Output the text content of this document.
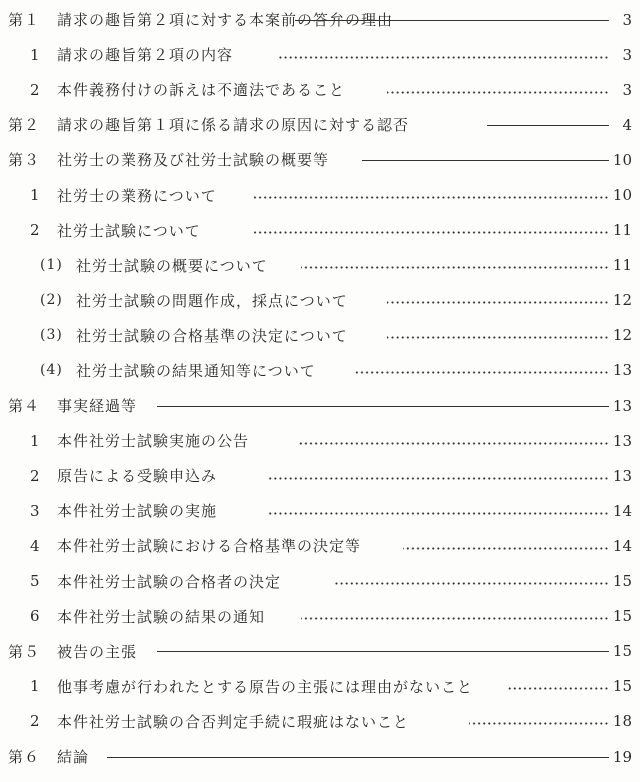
第１ 請求の趣旨第２項に対する本案前の答弁の理由	3
1 請求の趣旨第２項の内容	3
2 本件義務付けの訴えは不適法であること	3
第２ 請求の趣旨第１項に係る請求の原因に対する認否	4
第３ 社労士の業務及び社労士試験の概要等	10
1 社労士の業務について	10
2 社労士試験について	11
(1) 社労士試験の概要について	11
(2) 社労士試験の問題作成，採点について	12
(3) 社労士試験の合格基準の決定について	12
(4) 社労士試験の結果通知等について	13
第４ 事実経過等	13
1 本件社労士試験実施の公告	13
2 原告による受験申込み	13
3 本件社労士試験の実施	14
4 本件社労士試験における合格基準の決定等	14
5 本件社労士試験の合格者の決定	15
6 本件社労士試験の結果の通知	15
第５ 被告の主張	15
1 他事考慮が行われたとする原告の主張には理由がないこと	15
2 本件社労士試験の合否判定手続に瑕疵はないこと	18
第６ 結論	19
